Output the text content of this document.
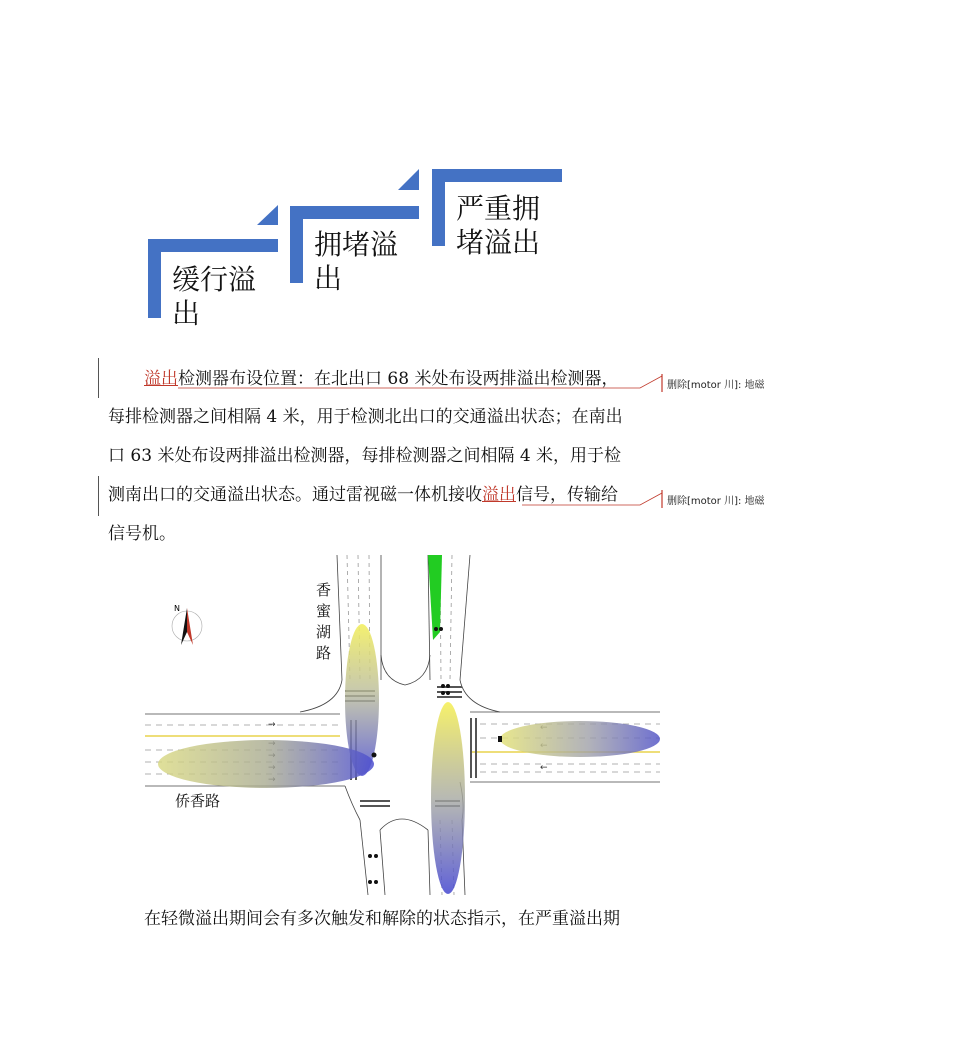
缓行溢
出
拥堵溢
出
严重拥
堵溢出
溢出检测器布设位置：在北出口 68 米处布设两排溢出检测器，
每排检测器之间相隔 4 米，用于检测北出口的交通溢出状态；在南出
口 63 米处布设两排溢出检测器，每排检测器之间相隔 4 米，用于检
测南出口的交通溢出状态。通过雷视磁一体机接收溢出信号，传输给
信号机。
删除[motor 川]: 地磁
删除[motor 川]: 地磁
→
←
N
香蜜湖路
侨香路
在轻微溢出期间会有多次触发和解除的状态指示，在严重溢出期
